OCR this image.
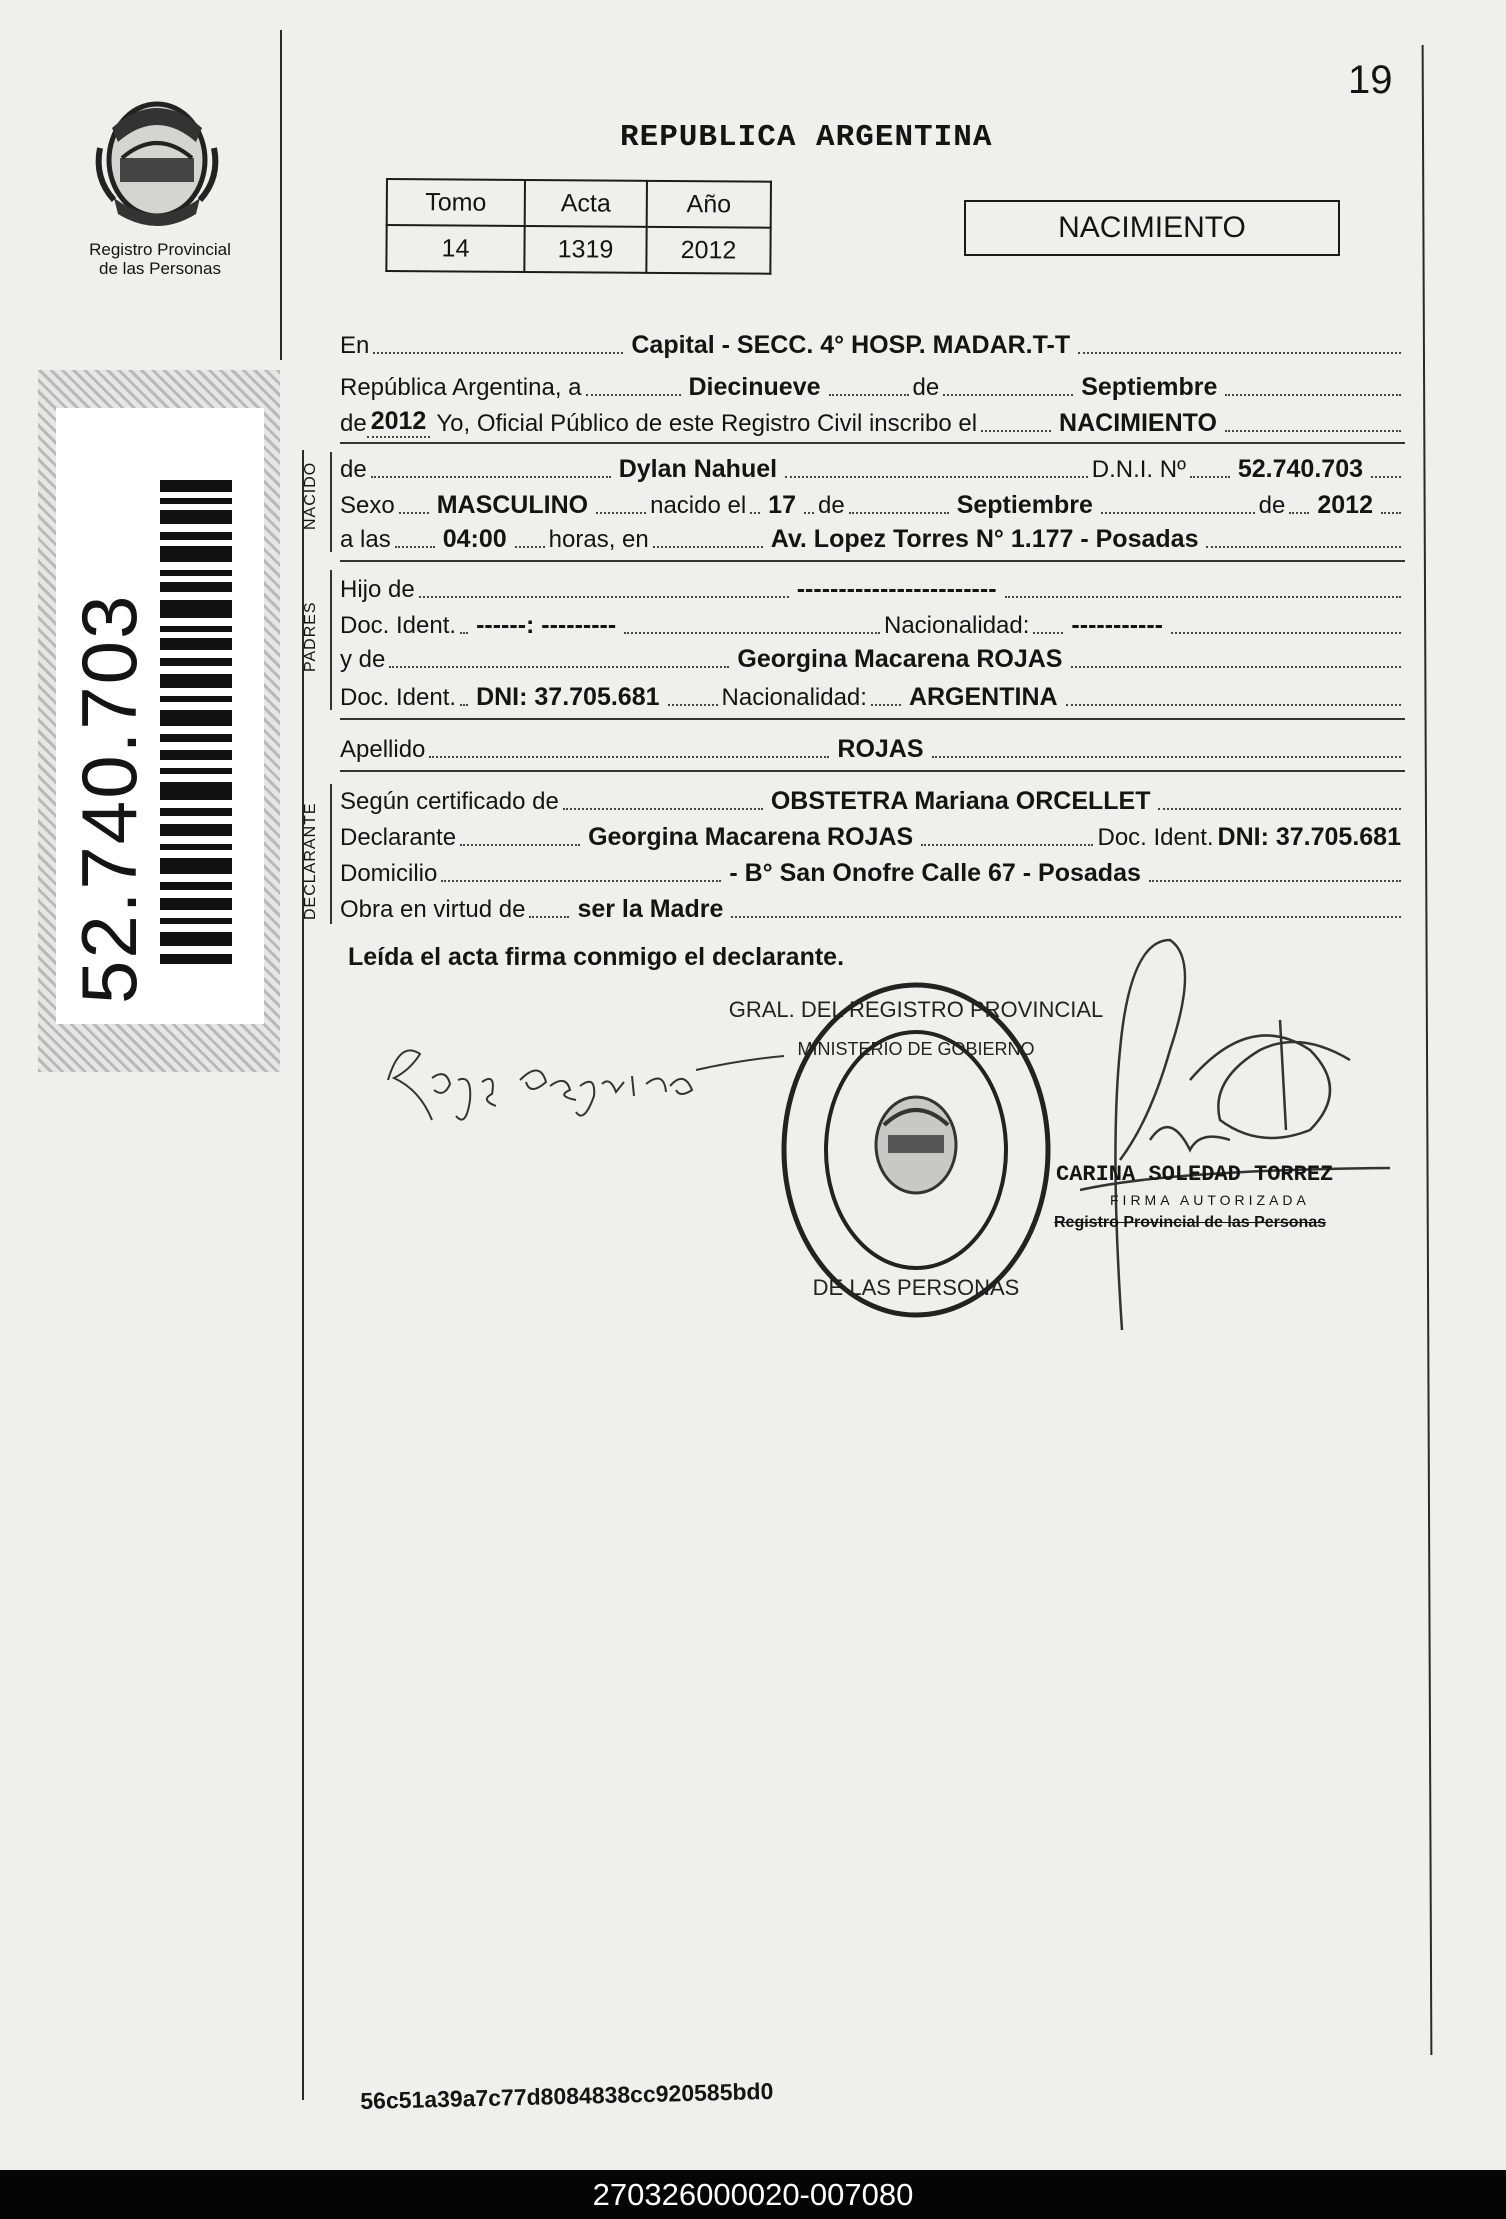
19
REPUBLICA ARGENTINA
Registro Provincial
de las Personas
52.740.703
Tomo	Acta	Año
14	1319	2012
NACIMIENTO
En	Capital - SECC. 4° HOSP. MADAR.T-T
República Argentina, a	Diecinueve	de	Septiembre
de 2012 Yo, Oficial Público de este Registro Civil inscribo el	NACIMIENTO
NACIDO de	Dylan Nahuel	D.N.I. Nº 52.740.703
Sexo MASCULINO	nacido el 17 de	Septiembre	de 2012
a las 04:00 horas, en	Av. Lopez Torres N° 1.177 - Posadas
PADRES
Hijo de	------------------------
Doc. Ident. ------: ---------	Nacionalidad: -----------
y de	Georgina Macarena ROJAS
Doc. Ident. DNI: 37.705.681	Nacionalidad: ARGENTINA
Apellido	ROJAS
DECLARANTE
Según certificado de	OBSTETRA Mariana ORCELLET
Declarante	Georgina Macarena ROJAS	Doc. Ident. DNI: 37.705.681
Domicilio	- B° San Onofre Calle 67 - Posadas
Obra en virtud de ser la Madre
Leída el acta firma conmigo el declarante.
GRAL. DEL REGISTRO PROVINCIAL
DE LAS PERSONAS
MINISTERIO DE GOBIERNO
CARINA SOLEDAD TORREZ
FIRMA AUTORIZADA
Registro Provincial de las Personas
56c51a39a7c77d8084838cc920585bd0
270326000020-007080
